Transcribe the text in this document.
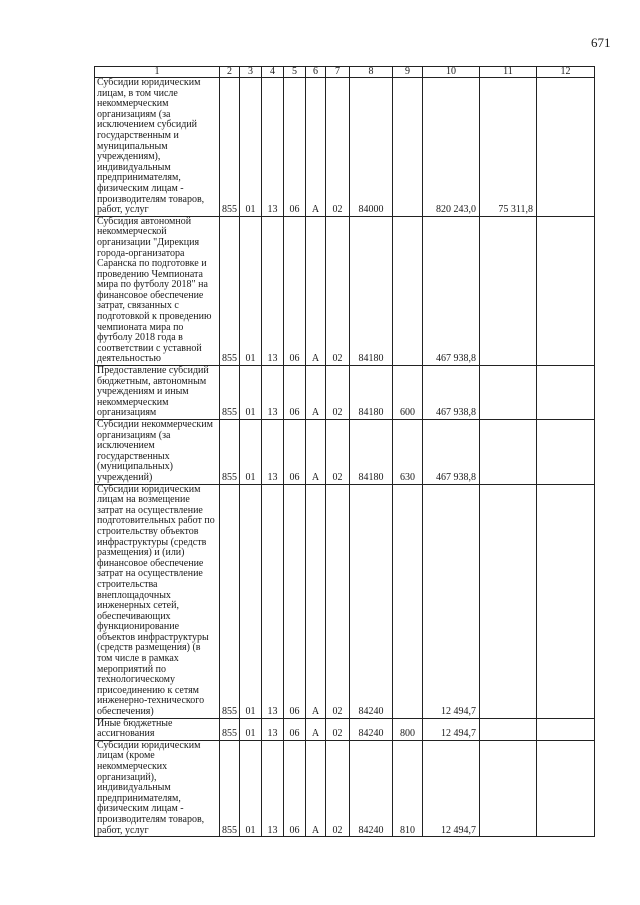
671
1	2	3	4	5	6	7	8	9	10	11	12
Субсидии юридическим лицам, в том числе некоммерческим организациям (за исключением субсидий государственным и муниципальным учреждениям), индивидуальным предпринимателям, физическим лицам - производителям товаров, работ, услуг	855	01	13	06	А	02	84000		820 243,0	75 311,8	
Субсидия автономной некоммерческой организации "Дирекция города-организатора Саранска по подготовке и проведению Чемпионата мира по футболу 2018" на финансовое обеспечение затрат, связанных с подготовкой к проведению чемпионата мира по футболу 2018 года в соответствии с уставной деятельностью	855	01	13	06	А	02	84180		467 938,8		
Предоставление субсидий бюджетным, автономным учреждениям и иным некоммерческим организациям	855	01	13	06	А	02	84180	600	467 938,8		
Субсидии некоммерческим организациям (за исключением государственных (муниципальных) учреждений)	855	01	13	06	А	02	84180	630	467 938,8		
Субсидии юридическим лицам на возмещение затрат на осуществление подготовительных работ по строительству объектов инфраструктуры (средств размещения) и (или) финансовое обеспечение затрат на осуществление строительства внеплощадочных инженерных сетей, обеспечивающих функционирование объектов инфраструктуры (средств размещения) (в том числе в рамках мероприятий по технологическому присоединению к сетям инженерно-технического обеспечения)	855	01	13	06	А	02	84240		12 494,7		
Иные бюджетные ассигнования	855	01	13	06	А	02	84240	800	12 494,7		
Субсидии юридическим лицам (кроме некоммерческих организаций), индивидуальным предпринимателям, физическим лицам - производителям товаров, работ, услуг	855	01	13	06	А	02	84240	810	12 494,7		
